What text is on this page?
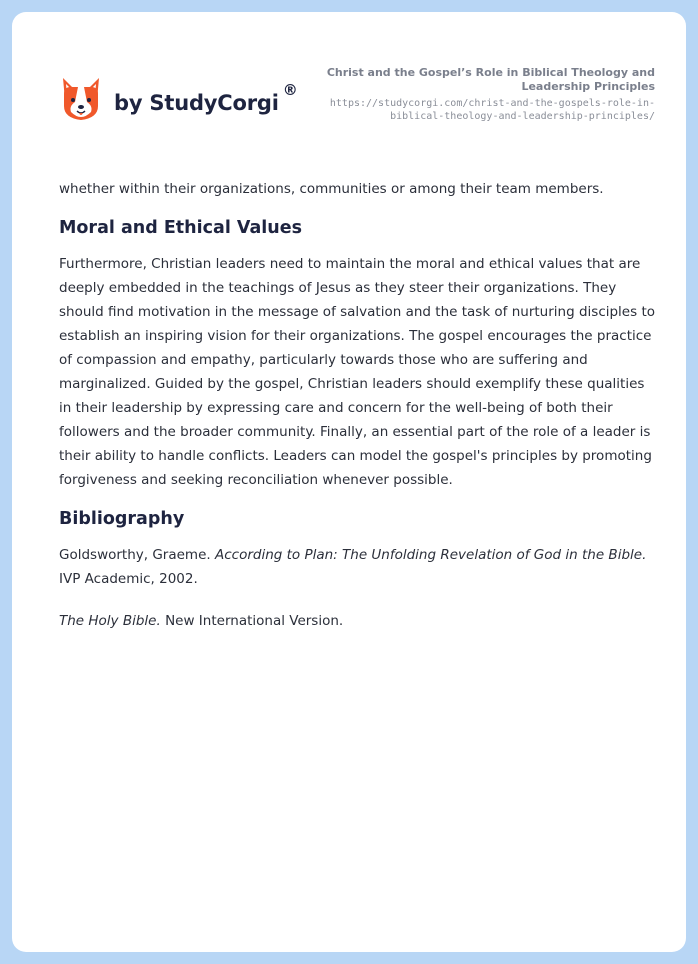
by StudyCorgi
®
Christ and the Gospel’s Role in Biblical Theology and Leadership Principles
https://studycorgi.com/christ-and-the-gospels-role-in-biblical-theology-and-leadership-principles/

whether within their organizations, communities or among their team members.

Moral and Ethical Values

Furthermore, Christian leaders need to maintain the moral and ethical values that are deeply embedded in the teachings of Jesus as they steer their organizations. They should find motivation in the message of salvation and the task of nurturing disciples to establish an inspiring vision for their organizations. The gospel encourages the practice of compassion and empathy, particularly towards those who are suffering and marginalized. Guided by the gospel, Christian leaders should exemplify these qualities in their leadership by expressing care and concern for the well-being of both their followers and the broader community. Finally, an essential part of the role of a leader is their ability to handle conflicts. Leaders can model the gospel's principles by promoting forgiveness and seeking reconciliation whenever possible.

Bibliography

Goldsworthy, Graeme. According to Plan: The Unfolding Revelation of God in the Bible. IVP Academic, 2002.

The Holy Bible. New International Version.
